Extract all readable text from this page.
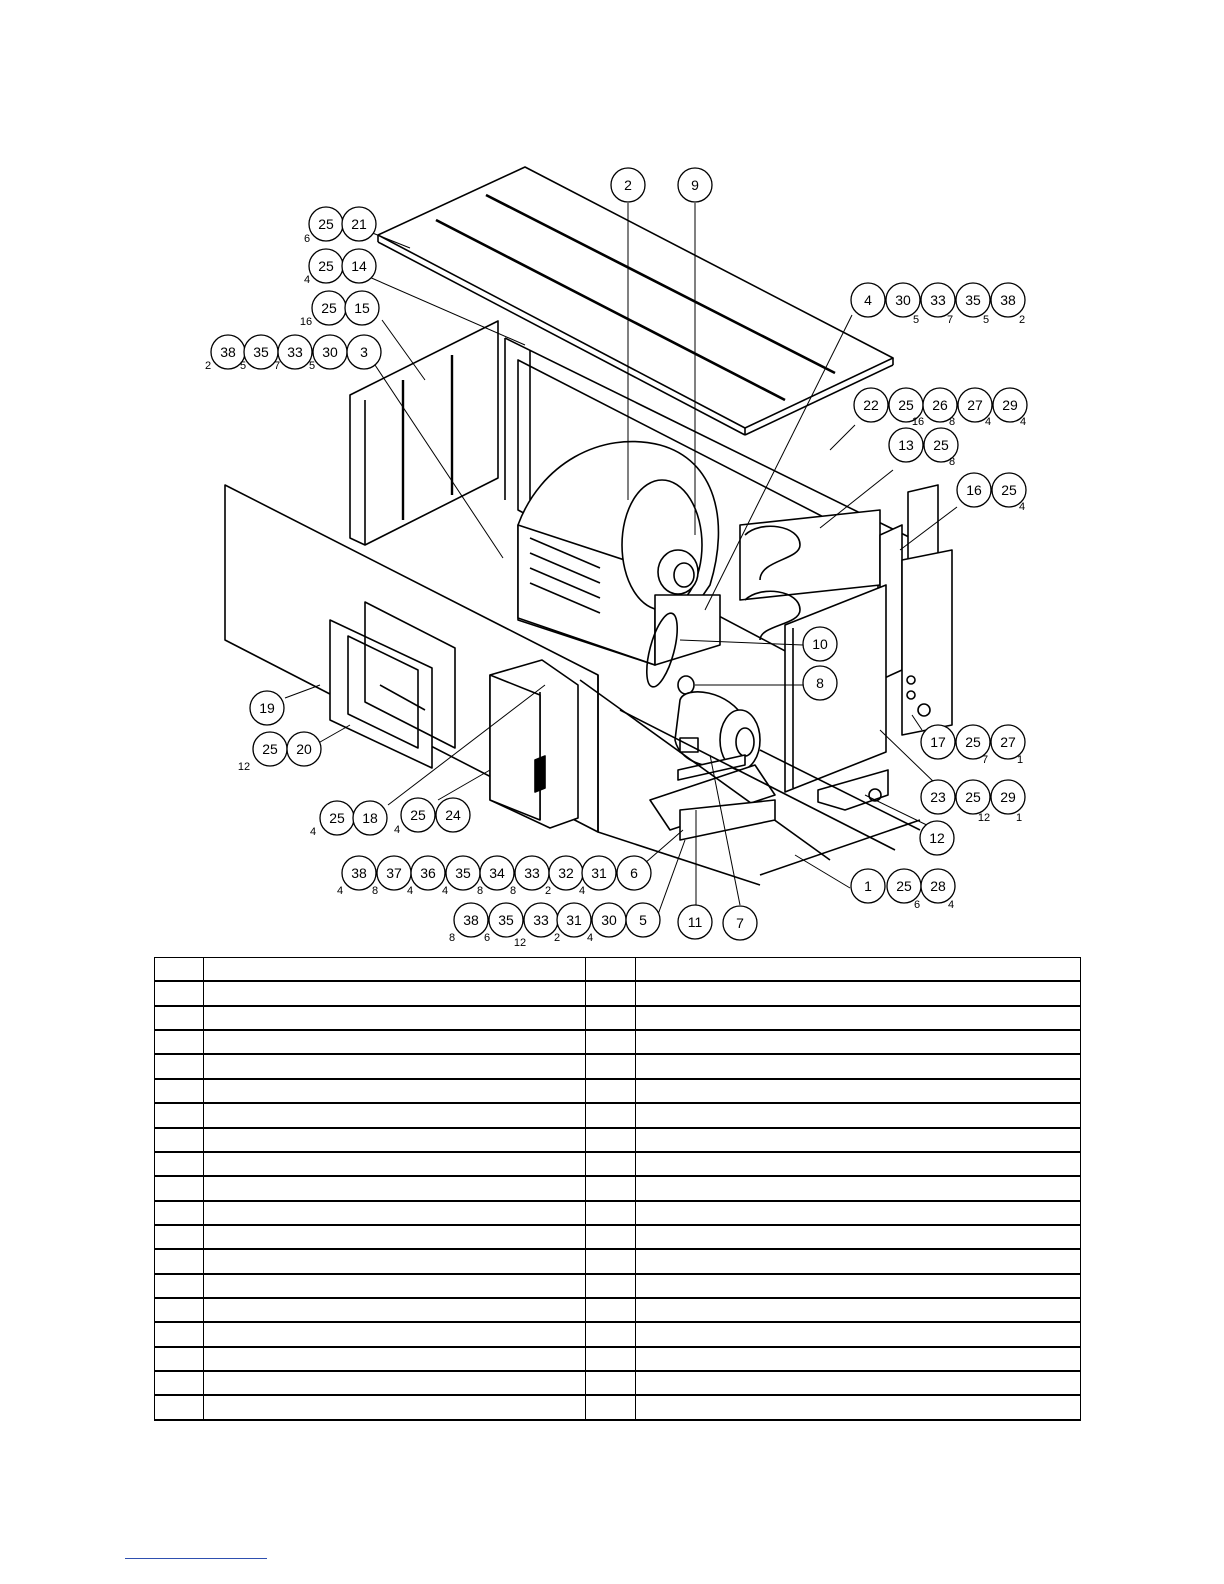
2	9
25 21
25 14
25 15
38 35 33 30 3
4 30 33 35 38
22 25 26 27 29
13 25
16 25
10
8
19
25 20	17 25 27
23 25 29
12
25 18 25 24
38 37 36 35 34 33 32 31 6
1 25 28
38 35 33 31 30 5	11 7
6
4
16
2	5	7	5
5	7	5	2
16 8	4	4
8
4
12
7	1
12 1
4	4
4	8	4	4	8 8	2	4
6	4
8	6 12	2 4
